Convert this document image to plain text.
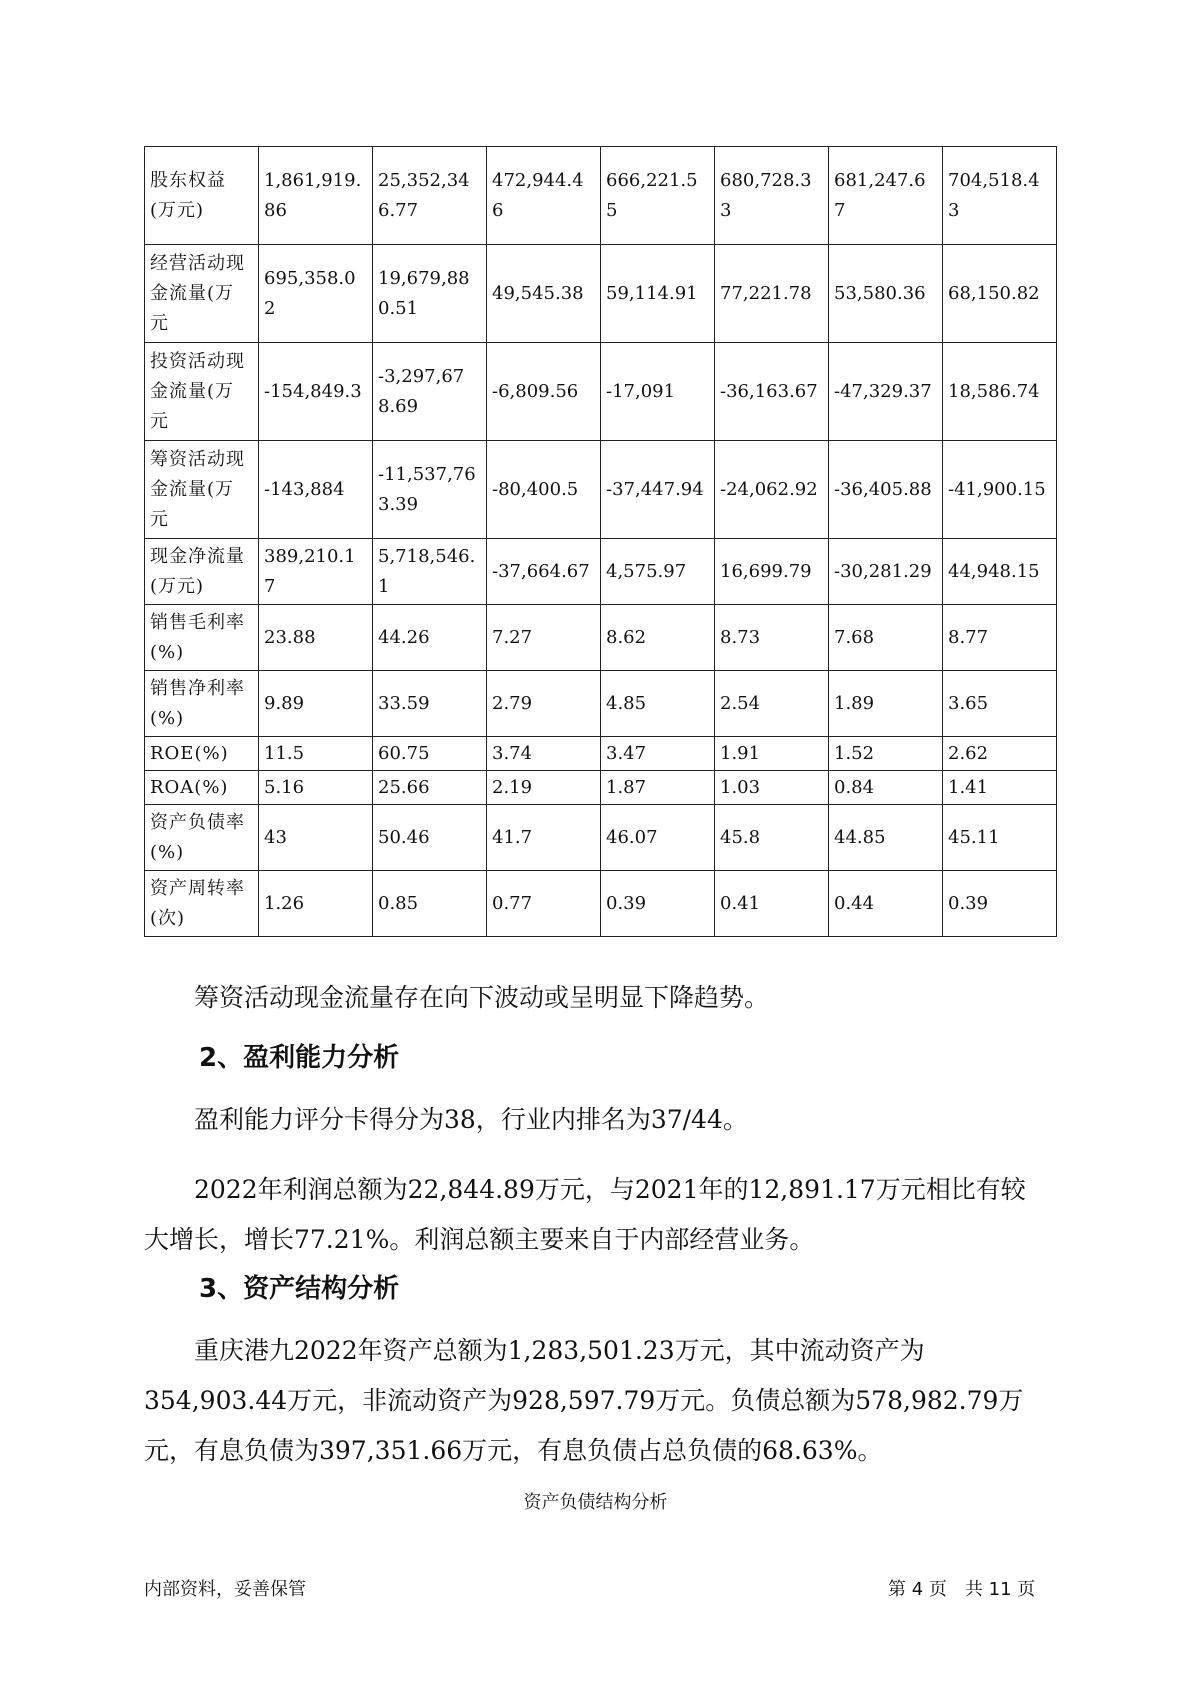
股东权益(万元)	1,861,919.86	25,352,346.77	472,944.46	666,221.55	680,728.33	681,247.67	704,518.43
经营活动现金流量(万元	695,358.02	19,679,880.51	49,545.38	59,114.91	77,221.78	53,580.36	68,150.82
投资活动现金流量(万元	-154,849.3	-3,297,678.69	-6,809.56	-17,091	-36,163.67	-47,329.37	18,586.74
筹资活动现金流量(万元	-143,884	-11,537,763.39	-80,400.5	-37,447.94	-24,062.92	-36,405.88	-41,900.15
现金净流量(万元)	389,210.17	5,718,546.1	-37,664.67	4,575.97	16,699.79	-30,281.29	44,948.15
销售毛利率(%)	23.88	44.26	7.27	8.62	8.73	7.68	8.77
销售净利率(%)	9.89	33.59	2.79	4.85	2.54	1.89	3.65
ROE(%)	11.5	60.75	3.74	3.47	1.91	1.52	2.62
ROA(%)	5.16	25.66	2.19	1.87	1.03	0.84	1.41
资产负债率(%)	43	50.46	41.7	46.07	45.8	44.85	45.11
资产周转率(次)	1.26	0.85	0.77	0.39	0.41	0.44	0.39

筹资活动现金流量存在向下波动或呈明显下降趋势。

2、盈利能力分析

盈利能力评分卡得分为38，行业内排名为37/44。

2022年利润总额为22,844.89万元，与2021年的12,891.17万元相比有较大增长，增长77.21%。利润总额主要来自于内部经营业务。

3、资产结构分析

重庆港九2022年资产总额为1,283,501.23万元，其中流动资产为354,903.44万元，非流动资产为928,597.79万元。负债总额为578,982.79万元，有息负债为397,351.66万元，有息负债占总负债的68.63%。

资产负债结构分析

内部资料，妥善保管	第 4 页　共 11 页
